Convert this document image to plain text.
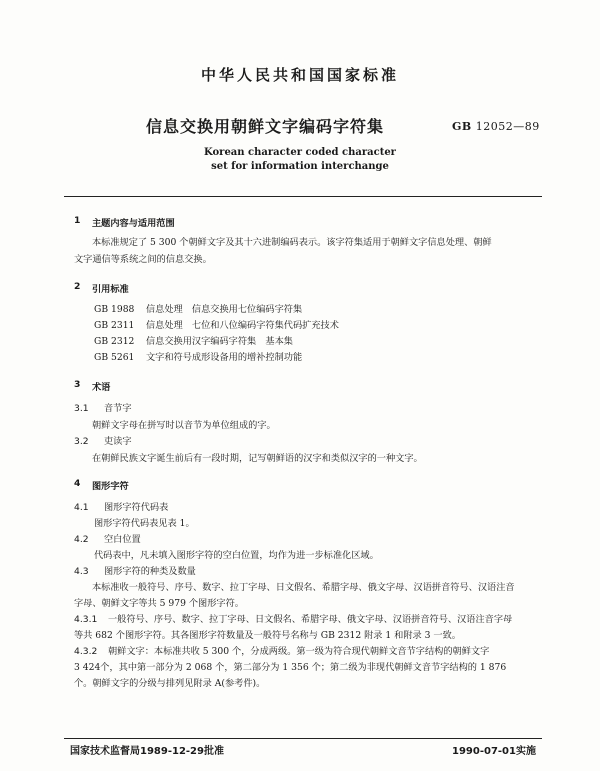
中华人民共和国国家标准
信息交换用朝鲜文字编码字符集	GB 12052—89
Korean character coded character
set for information interchange
1 主题内容与适用范围
本标准规定了 5 300 个朝鲜文字及其十六进制编码表示。该字符集适用于朝鲜文字信息处理、朝鲜
文字通信等系统之间的信息交换。
2 引用标准
GB 1988 信息处理　信息交换用七位编码字符集
GB 2311 信息处理　七位和八位编码字符集代码扩充技术
GB 2312 信息交换用汉字编码字符集　基本集
GB 5261 文字和符号成形设备用的增补控制功能
3 术语
3.1 音节字
朝鲜文字母在拼写时以音节为单位组成的字。
3.2 吏读字
在朝鲜民族文字诞生前后有一段时期，记写朝鲜语的汉字和类似汉字的一种文字。
4 图形字符
4.1 图形字符代码表
图形字符代码表见表 1。
4.2 空白位置
代码表中，凡未填入图形字符的空白位置，均作为进一步标准化区域。
4.3 图形字符的种类及数量
本标准收一般符号、序号、数字、拉丁字母、日文假名、希腊字母、俄文字母、汉语拼音符号、汉语注音
字母、朝鲜文字等共 5 979 个图形字符。
4.3.1 一般符号、序号、数字、拉丁字母、日文假名、希腊字母、俄文字母、汉语拼音符号、汉语注音字母
等共 682 个图形字符。其各图形字符数量及一般符号名称与 GB 2312 附录 1 和附录 3 一致。
4.3.2 朝鲜文字：本标准共收 5 300 个，分成两级。第一级为符合现代朝鲜文音节字结构的朝鲜文字
3 424个，其中第一部分为 2 068 个，第二部分为 1 356 个；第二级为非现代朝鲜文音节字结构的 1 876
个。朝鲜文字的分级与排列见附录 A(参考件)。
国家技术监督局1989-12-29批准	1990-07-01实施
